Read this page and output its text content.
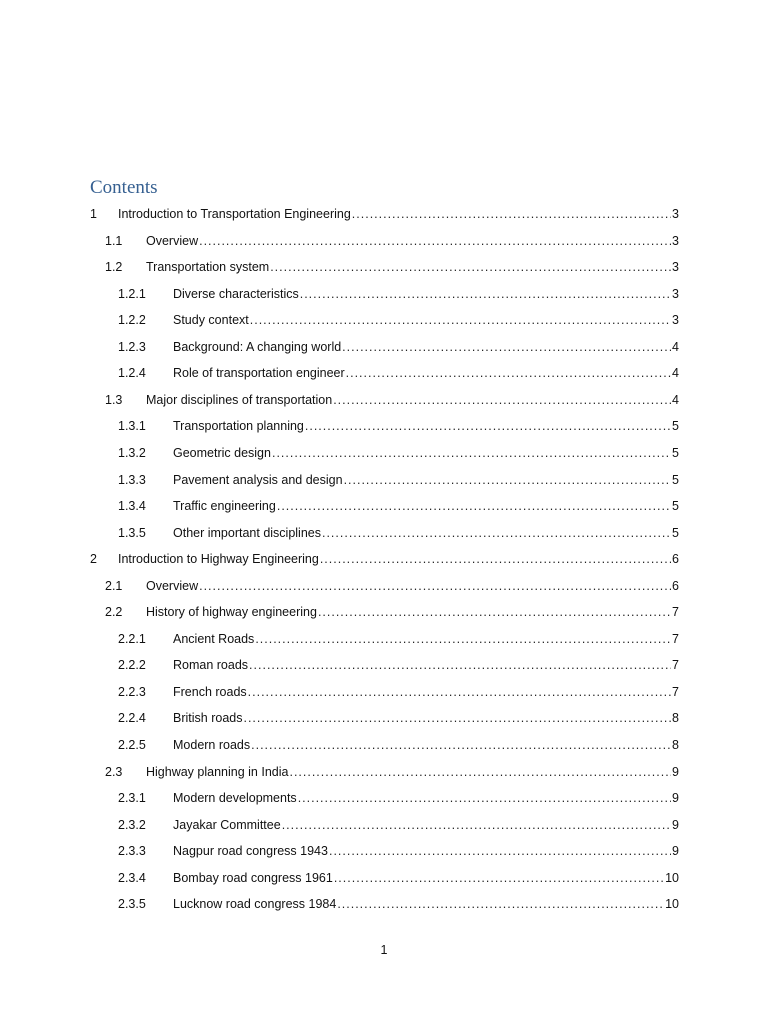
Contents
1	Introduction to Transportation Engineering .....	3
1.1	Overview .....	3
1.2	Transportation system .....	3
1.2.1	Diverse characteristics .....	3
1.2.2	Study context .....	3
1.2.3	Background: A changing world .....	4
1.2.4	Role of transportation engineer .....	4
1.3	Major disciplines of transportation .....	4
1.3.1	Transportation planning .....	5
1.3.2	Geometric design .....	5
1.3.3	Pavement analysis and design .....	5
1.3.4	Traffic engineering .....	5
1.3.5	Other important disciplines .....	5
2	Introduction to Highway Engineering .....	6
2.1	Overview .....	6
2.2	History of highway engineering .....	7
2.2.1	Ancient Roads .....	7
2.2.2	Roman roads .....	7
2.2.3	French roads .....	7
2.2.4	British roads .....	8
2.2.5	Modern roads .....	8
2.3	Highway planning in India .....	9
2.3.1	Modern developments .....	9
2.3.2	Jayakar Committee .....	9
2.3.3	Nagpur road congress 1943 .....	9
2.3.4	Bombay road congress 1961 .....	10
2.3.5	Lucknow road congress 1984 .....	10
1
